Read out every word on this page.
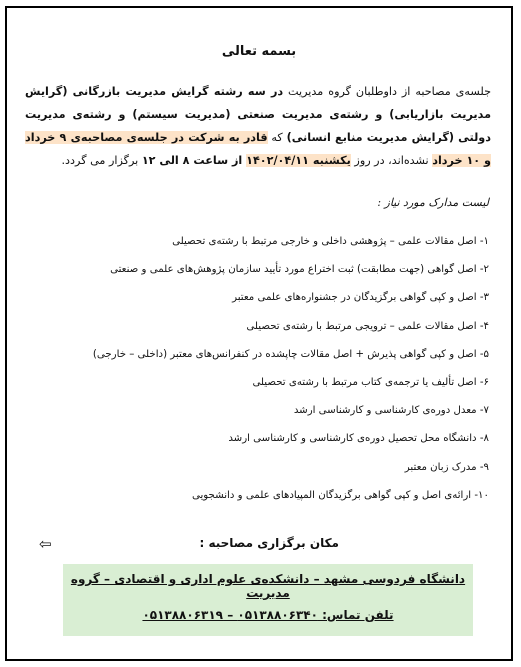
بسمه تعالی
جلسه‌ی مصاحبه از داوطلبان گروه مدیریت در سه رشته گرایش مدیریت بازرگانی (گرایش مدیریت بازاریابی) و رشته‌ی مدیریت صنعتی (مدیریت سیستم) و رشته‌ی مدیریت دولتی (گرایش مدیریت منابع انسانی) که قادر به شرکت در جلسه‌ی مصاحبه‌ی ۹ خرداد و ۱۰ خرداد نشده‌اند، در روز یکشنبه ۱۴۰۲/۰۴/۱۱ از ساعت ۸ الی ۱۲ برگزار می گردد.
لیست مدارک مورد نیاز :
۱- اصل مقالات علمی – پژوهشی داخلی و خارجی مرتبط با رشته‌ی تحصیلی
۲- اصل گواهی (جهت مطابقت) ثبت اختراع مورد تأیید سازمان پژوهش‌های علمی و صنعتی
۳- اصل و کپی گواهی برگزیدگان در جشنواره‌های علمی معتبر
۴- اصل مقالات علمی – ترویجی مرتبط با رشته‌ی تحصیلی
۵- اصل و کپی گواهی پذیرش + اصل مقالات چاپشده در کنفرانس‌های معتبر (داخلی – خارجی)
۶- اصل تألیف یا ترجمه‌ی کتاب مرتبط با رشته‌ی تحصیلی
۷- معدل دوره‌ی کارشناسی و کارشناسی ارشد
۸- دانشگاه محل تحصیل دوره‌ی کارشناسی و کارشناسی ارشد
۹- مدرک زبان معتبر
۱۰- ارائه‌ی اصل و کپی گواهی برگزیدگان المپیادهای علمی و دانشجویی
مکان برگزاری مصاحبه :
⇦
دانشگاه فردوسی مشهد – دانشکده‌ی علوم اداری و اقتصادی – گروه مدیریت
تلفن تماس: ۰۵۱۳۸۸۰۶۳۴۰ – ۰۵۱۳۸۸۰۶۳۱۹
